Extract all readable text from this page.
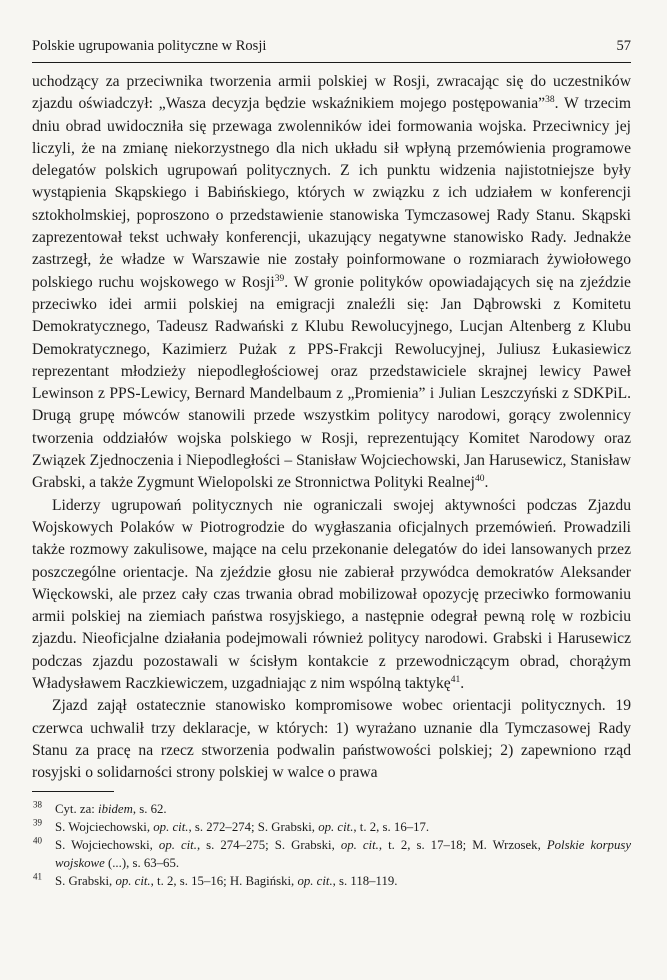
Polskie ugrupowania polityczne w Rosji	57

uchodzący za przeciwnika tworzenia armii polskiej w Rosji, zwracając się do uczestników zjazdu oświadczył: „Wasza decyzja będzie wskaźnikiem mojego postępowania”$^{38}$. W trzecim dniu obrad uwidoczniła się przewaga zwolenników idei formowania wojska. Przeciwnicy jej liczyli, że na zmianę niekorzystnego dla nich układu sił wpłyną przemówienia programowe delegatów polskich ugrupowań politycznych. Z ich punktu widzenia najistotniejsze były wystąpienia Skąpskiego i Babińskiego, których w związku z ich udziałem w konferencji sztokholmskiej, poproszono o przedstawienie stanowiska Tymczasowej Rady Stanu. Skąpski zaprezentował tekst uchwały konferencji, ukazujący negatywne stanowisko Rady. Jednakże zastrzegł, że władze w Warszawie nie zostały poinformowane o rozmiarach żywiołowego polskiego ruchu wojskowego w Rosji$^{39}$. W gronie polityków opowiadających się na zjeździe przeciwko idei armii polskiej na emigracji znaleźli się: Jan Dąbrowski z Komitetu Demokratycznego, Tadeusz Radwański z Klubu Rewolucyjnego, Lucjan Altenberg z Klubu Demokratycznego, Kazimierz Pużak z PPS-Frakcji Rewolucyjnej, Juliusz Łukasiewicz reprezentant młodzieży niepodległościowej oraz przedstawiciele skrajnej lewicy Paweł Lewinson z PPS-Lewicy, Bernard Mandelbaum z „Promienia” i Julian Leszczyński z SDKPiL. Drugą grupę mówców stanowili przede wszystkim politycy narodowi, gorący zwolennicy tworzenia oddziałów wojska polskiego w Rosji, reprezentujący Komitet Narodowy oraz Związek Zjednoczenia i Niepodległości – Stanisław Wojciechowski, Jan Harusewicz, Stanisław Grabski, a także Zygmunt Wielopolski ze Stronnictwa Polityki Realnej$^{40}$.

Liderzy ugrupowań politycznych nie ograniczali swojej aktywności podczas Zjazdu Wojskowych Polaków w Piotrogrodzie do wygłaszania oficjalnych przemówień. Prowadzili także rozmowy zakulisowe, mające na celu przekonanie delegatów do idei lansowanych przez poszczególne orientacje. Na zjeździe głosu nie zabierał przywódca demokratów Aleksander Więckowski, ale przez cały czas trwania obrad mobilizował opozycję przeciwko formowaniu armii polskiej na ziemiach państwa rosyjskiego, a następnie odegrał pewną rolę w rozbiciu zjazdu. Nieoficjalne działania podejmowali również politycy narodowi. Grabski i Harusewicz podczas zjazdu pozostawali w ścisłym kontakcie z przewodniczącym obrad, chorążym Władysławem Raczkiewiczem, uzgadniając z nim wspólną taktykę$^{41}$.

Zjazd zajął ostatecznie stanowisko kompromisowe wobec orientacji politycznych. 19 czerwca uchwalił trzy deklaracje, w których: 1) wyrażano uznanie dla Tymczasowej Rady Stanu za pracę na rzecz stworzenia podwalin państwowości polskiej; 2) zapewniono rząd rosyjski o solidarności strony polskiej w walce o prawa

$^{38}$	Cyt. za: ibidem, s. 62.
$^{39}$	S. Wojciechowski, op. cit., s. 272–274; S. Grabski, op. cit., t. 2, s. 16–17.
$^{40}$	S. Wojciechowski, op. cit., s. 274–275; S. Grabski, op. cit., t. 2, s. 17–18; M. Wrzosek, Polskie korpusy wojskowe (...), s. 63–65.
$^{41}$	S. Grabski, op. cit., t. 2, s. 15–16; H. Bagiński, op. cit., s. 118–119.
